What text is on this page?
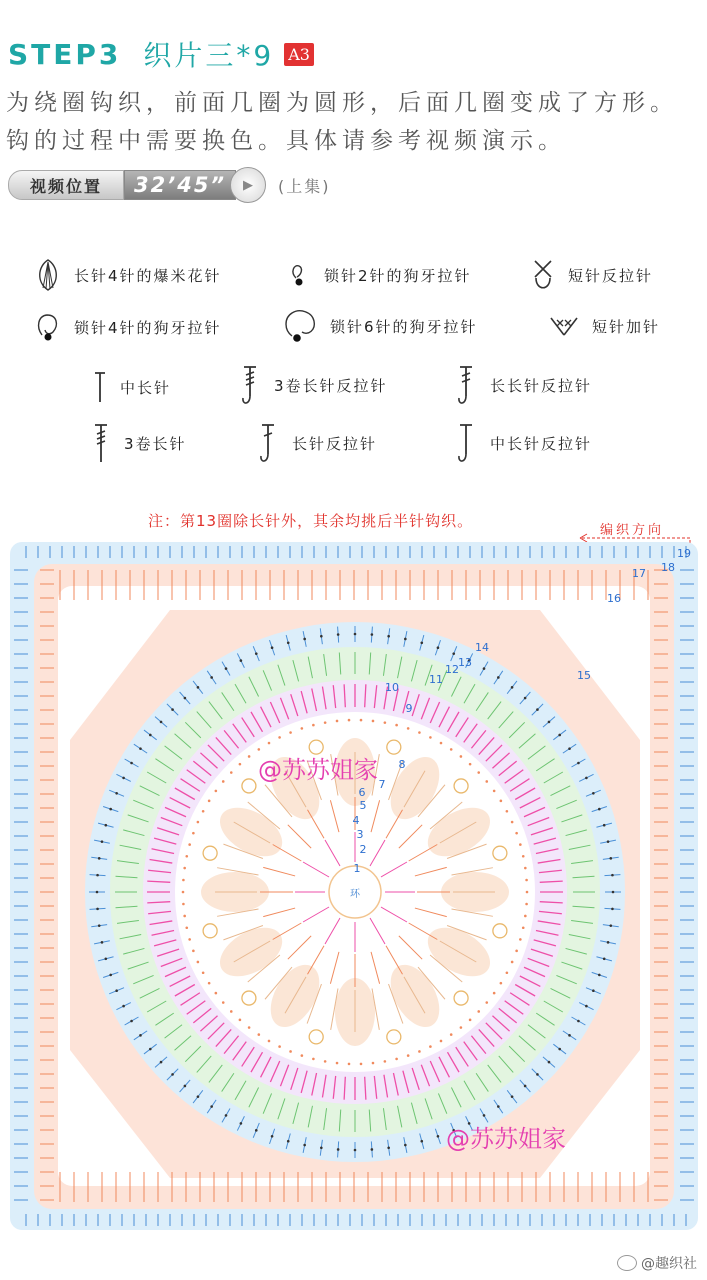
STEP3 织片三*9 A3
为绕圈钩织，前面几圈为圆形，后面几圈变成了方形。钩的过程中需要换色。具体请参考视频演示。
视频位置	32’45”	▶	(上集)
长针4针的爆米花针	锁针2针的狗牙拉针	短针反拉针
锁针4针的狗牙拉针	锁针6针的狗牙拉针	短针加针
中长针	3卷长针反拉针	长长针反拉针
3卷长针	长针反拉针	中长针反拉针
注：第13圈除长针外，其余均挑后半针钩织。
编织方向
环
1
2
3
4
5
6
7
8
9
10
11
12
13
14
15
16
17 18
19
@苏苏姐家
@苏苏姐家
@趣织社
